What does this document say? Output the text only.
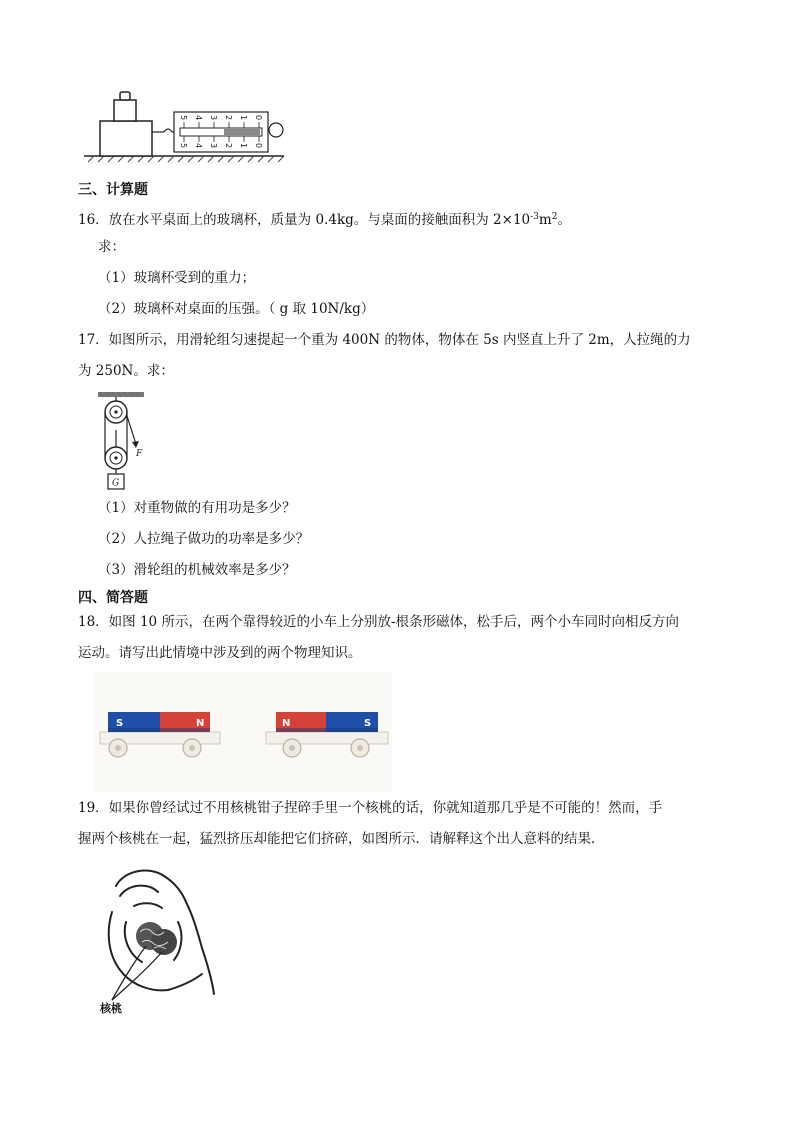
5 4 3 2 1 0
5 4 3 2 1 0
三、计算题
16．放在水平桌面上的玻璃杯，质量为 0.4kg。与桌面的接触面积为 $2\times 10^{-3}m^2$。
求：
（1）玻璃杯受到的重力；
（2）玻璃杯对桌面的压强。（ g 取 10N/kg）
17．如图所示，用滑轮组匀速提起一个重为 400N 的物体，物体在 5s 内竖直上升了 2m，人拉绳的力
为 250N。求：
G
F
（1）对重物做的有用功是多少？
（2）人拉绳子做功的功率是多少？
（3）滑轮组的机械效率是多少？
四、简答题
18．如图 10 所示，在两个靠得较近的小车上分别放-根条形磁体，松手后，两个小车同时向相反方向
运动。请写出此情境中涉及到的两个物理知识。
S	N	N	S
19．如果你曾经试过不用核桃钳子捏碎手里一个核桃的话，你就知道那几乎是不可能的！然而，手
握两个核桃在一起，猛烈挤压却能把它们挤碎，如图所示．请解释这个出人意料的结果．
核桃
